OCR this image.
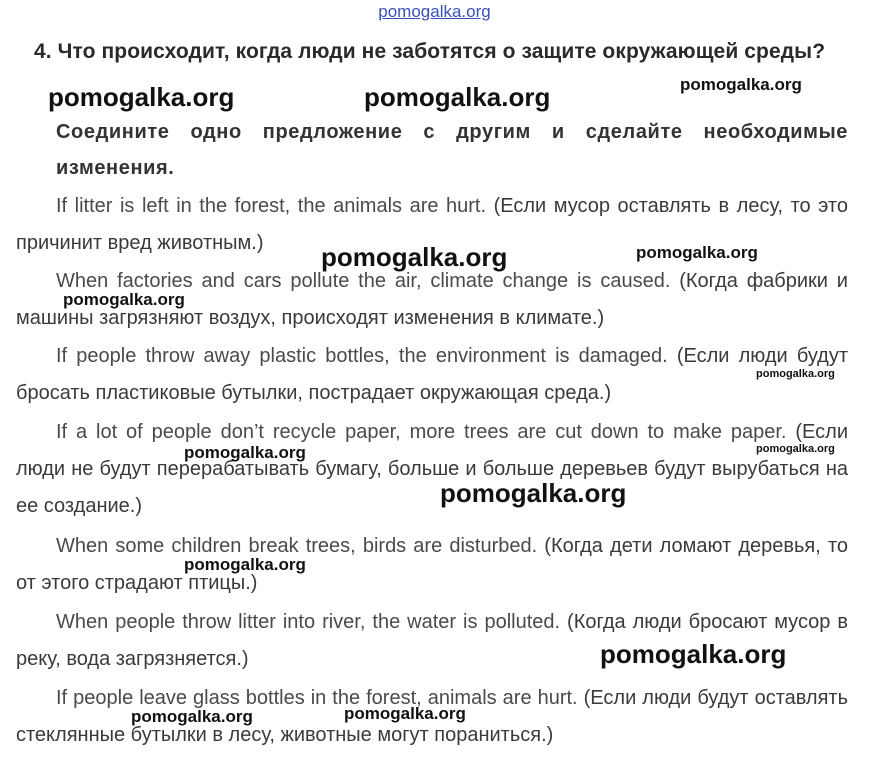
pomogalka.org
4. Что происходит, когда люди не заботятся о защите окружающей среды?
Соедините одно предложение с другим и сделайте необходимые изменения.
If litter is left in the forest, the animals are hurt. (Если мусор оставлять в лесу, то это причинит вред животным.)
When factories and cars pollute the air, climate change is caused. (Когда фабрики и машины загрязняют воздух, происходят изменения в климате.)
If people throw away plastic bottles, the environment is damaged. (Если люди будут бросать пластиковые бутылки, пострадает окружающая среда.)
If a lot of people don’t recycle paper, more trees are cut down to make paper. (Если люди не будут перерабатывать бумагу, больше и больше деревьев будут вырубаться на ее создание.)
When some children break trees, birds are disturbed. (Когда дети ломают деревья, то от этого страдают птицы.)
When people throw litter into river, the water is polluted. (Когда люди бросают мусор в реку, вода загрязняется.)
If people leave glass bottles in the forest, animals are hurt. (Если люди будут оставлять стеклянные бутылки в лесу, животные могут пораниться.)
pomogalka.org	pomogalka.org	pomogalka.org
pomogalka.org	pomogalka.org
pomogalka.org
pomogalka.org
pomogalka.org	pomogalka.org
pomogalka.org
pomogalka.org
pomogalka.org
pomogalka.org	pomogalka.org
